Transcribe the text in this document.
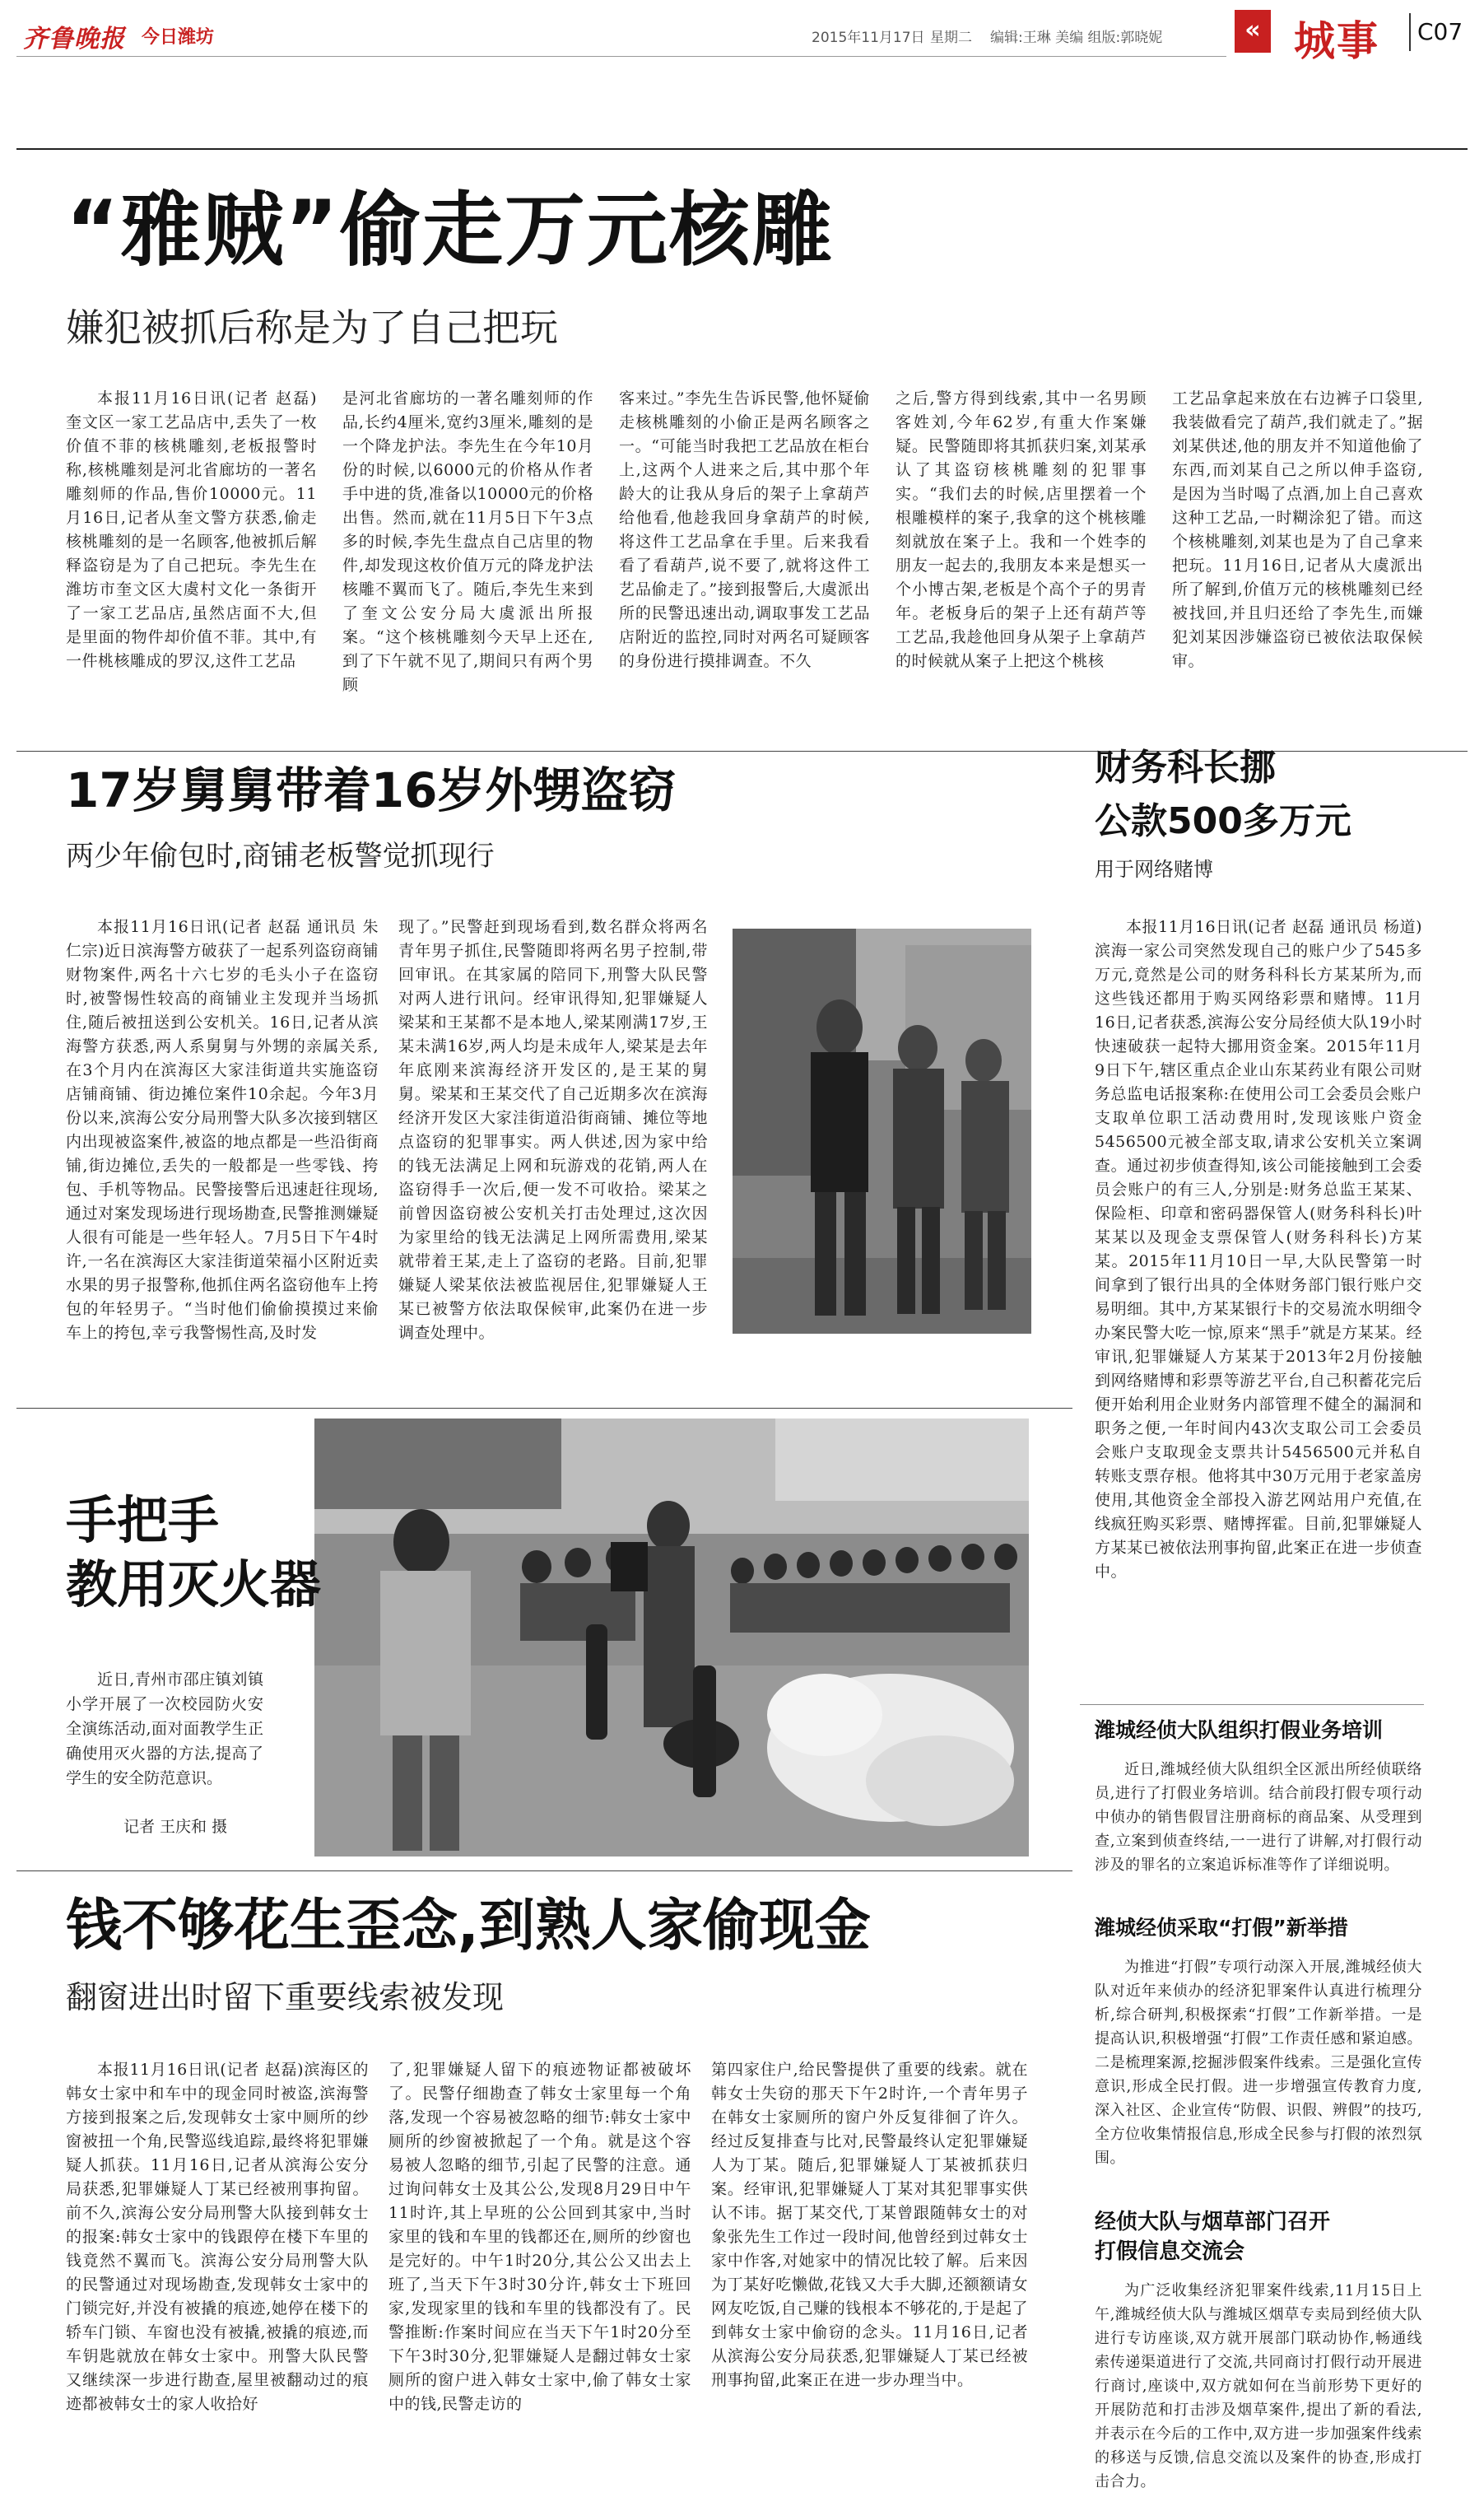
齐鲁晚报 今日潍坊	2015年11月17日 星期二 编辑:王琳 美编 组版:郭晓妮	« 城事 C07
“雅贼”偷走万元核雕
嫌犯被抓后称是为了自己把玩

本报11月16日讯(记者 赵磊)奎文区一家工艺品店中,丢失了一枚价值不菲的核桃雕刻,老板报警时称,核桃雕刻是河北省廊坊的一著名雕刻师的作品,售价10000元。11月16日,记者从奎文警方获悉,偷走核桃雕刻的是一名顾客,他被抓后解释盗窃是为了自己把玩。李先生在潍坊市奎文区大虞村文化一条街开了一家工艺品店,虽然店面不大,但是里面的物件却价值不菲。其中,有一件桃核雕成的罗汉,这件工艺品

是河北省廊坊的一著名雕刻师的作品,长约4厘米,宽约3厘米,雕刻的是一个降龙护法。李先生在今年10月份的时候,以6000元的价格从作者手中进的货,准备以10000元的价格出售。然而,就在11月5日下午3点多的时候,李先生盘点自己店里的物件,却发现这枚价值万元的降龙护法核雕不翼而飞了。随后,李先生来到了奎文公安分局大虞派出所报案。“这个核桃雕刻今天早上还在,到了下午就不见了,期间只有两个男顾

客来过。”李先生告诉民警,他怀疑偷走核桃雕刻的小偷正是两名顾客之一。“可能当时我把工艺品放在柜台上,这两个人进来之后,其中那个年龄大的让我从身后的架子上拿葫芦给他看,他趁我回身拿葫芦的时候,将这件工艺品拿在手里。后来我看看了看葫芦,说不要了,就将这件工艺品偷走了。”接到报警后,大虞派出所的民警迅速出动,调取事发工艺品店附近的监控,同时对两名可疑顾客的身份进行摸排调查。不久

之后,警方得到线索,其中一名男顾客姓刘,今年62岁,有重大作案嫌疑。民警随即将其抓获归案,刘某承认了其盗窃核桃雕刻的犯罪事实。“我们去的时候,店里摆着一个根雕模样的案子,我拿的这个桃核雕刻就放在案子上。我和一个姓李的朋友一起去的,我朋友本来是想买一个小博古架,老板是个高个子的男青年。老板身后的架子上还有葫芦等工艺品,我趁他回身从架子上拿葫芦的时候就从案子上把这个桃核

工艺品拿起来放在右边裤子口袋里,我装做看完了葫芦,我们就走了。”据刘某供述,他的朋友并不知道他偷了东西,而刘某自己之所以伸手盗窃,是因为当时喝了点酒,加上自己喜欢这种工艺品,一时糊涂犯了错。而这个核桃雕刻,刘某也是为了自己拿来把玩。11月16日,记者从大虞派出所了解到,价值万元的核桃雕刻已经被找回,并且归还给了李先生,而嫌犯刘某因涉嫌盗窃已被依法取保候审。

17岁舅舅带着16岁外甥盗窃
两少年偷包时,商铺老板警觉抓现行

本报11月16日讯(记者 赵磊 通讯员 朱仁宗)近日滨海警方破获了一起系列盗窃商铺财物案件,两名十六七岁的毛头小子在盗窃时,被警惕性较高的商铺业主发现并当场抓住,随后被扭送到公安机关。16日,记者从滨海警方获悉,两人系舅舅与外甥的亲属关系,在3个月内在滨海区大家洼街道共实施盗窃店铺商铺、街边摊位案件10余起。今年3月份以来,滨海公安分局刑警大队多次接到辖区内出现被盗案件,被盗的地点都是一些沿街商铺,街边摊位,丢失的一般都是一些零钱、挎包、手机等物品。民警接警后迅速赶往现场,通过对案发现场进行现场勘查,民警推测嫌疑人很有可能是一些年轻人。7月5日下午4时许,一名在滨海区大家洼街道荣福小区附近卖水果的男子报警称,他抓住两名盗窃他车上挎包的年轻男子。“当时他们偷偷摸摸过来偷车上的挎包,幸亏我警惕性高,及时发

现了。”民警赶到现场看到,数名群众将两名青年男子抓住,民警随即将两名男子控制,带回审讯。在其家属的陪同下,刑警大队民警对两人进行讯问。经审讯得知,犯罪嫌疑人梁某和王某都不是本地人,梁某刚满17岁,王某未满16岁,两人均是未成年人,梁某是去年年底刚来滨海经济开发区的,是王某的舅舅。梁某和王某交代了自己近期多次在滨海经济开发区大家洼街道沿街商铺、摊位等地点盗窃的犯罪事实。两人供述,因为家中给的钱无法满足上网和玩游戏的花销,两人在盗窃得手一次后,便一发不可收拾。梁某之前曾因盗窃被公安机关打击处理过,这次因为家里给的钱无法满足上网所需费用,梁某就带着王某,走上了盗窃的老路。目前,犯罪嫌疑人梁某依法被监视居住,犯罪嫌疑人王某已被警方依法取保候审,此案仍在进一步调查处理中。

财务科长挪
公款500多万元
用于网络赌博

本报11月16日讯(记者 赵磊 通讯员 杨道)滨海一家公司突然发现自己的账户少了545多万元,竟然是公司的财务科科长方某某所为,而这些钱还都用于购买网络彩票和赌博。11月16日,记者获悉,滨海公安分局经侦大队19小时快速破获一起特大挪用资金案。2015年11月9日下午,辖区重点企业山东某药业有限公司财务总监电话报案称:在使用公司工会委员会账户支取单位职工活动费用时,发现该账户资金5456500元被全部支取,请求公安机关立案调查。通过初步侦查得知,该公司能接触到工会委员会账户的有三人,分别是:财务总监王某某、保险柜、印章和密码器保管人(财务科科长)叶某某以及现金支票保管人(财务科科长)方某某。2015年11月10日一早,大队民警第一时间拿到了银行出具的全体财务部门银行账户交易明细。其中,方某某银行卡的交易流水明细令办案民警大吃一惊,原来“黑手”就是方某某。经审讯,犯罪嫌疑人方某某于2013年2月份接触到网络赌博和彩票等游艺平台,自己积蓄花完后便开始利用企业财务内部管理不健全的漏洞和职务之便,一年时间内43次支取公司工会委员会账户支取现金支票共计5456500元并私自转账支票存根。他将其中30万元用于老家盖房使用,其他资金全部投入游艺网站用户充值,在线疯狂购买彩票、赌博挥霍。目前,犯罪嫌疑人方某某已被依法刑事拘留,此案正在进一步侦查中。

手把手
教用灭火器
近日,青州市邵庄镇刘镇小学开展了一次校园防火安全演练活动,面对面教学生正确使用灭火器的方法,提高了学生的安全防范意识。
记者 王庆和 摄
钱不够花生歪念,到熟人家偷现金
翻窗进出时留下重要线索被发现

本报11月16日讯(记者 赵磊)滨海区的韩女士家中和车中的现金同时被盗,滨海警方接到报案之后,发现韩女士家中厕所的纱窗被扭一个角,民警巡线追踪,最终将犯罪嫌疑人抓获。11月16日,记者从滨海公安分局获悉,犯罪嫌疑人丁某已经被刑事拘留。前不久,滨海公安分局刑警大队接到韩女士的报案:韩女士家中的钱跟停在楼下车里的钱竟然不翼而飞。滨海公安分局刑警大队的民警通过对现场勘查,发现韩女士家中的门锁完好,并没有被撬的痕迹,她停在楼下的轿车门锁、车窗也没有被撬,被撬的痕迹,而车钥匙就放在韩女士家中。刑警大队民警又继续深一步进行勘查,屋里被翻动过的痕迹都被韩女士的家人收拾好

了,犯罪嫌疑人留下的痕迹物证都被破坏了。民警仔细勘查了韩女士家里每一个角落,发现一个容易被忽略的细节:韩女士家中厕所的纱窗被掀起了一个角。就是这个容易被人忽略的细节,引起了民警的注意。通过询问韩女士及其公公,发现8月29日中午11时许,其上早班的公公回到其家中,当时家里的钱和车里的钱都还在,厕所的纱窗也是完好的。中午1时20分,其公公又出去上班了,当天下午3时30分许,韩女士下班回家,发现家里的钱和车里的钱都没有了。民警推断:作案时间应在当天下午1时20分至下午3时30分,犯罪嫌疑人是翻过韩女士家厕所的窗户进入韩女士家中,偷了韩女士家中的钱,民警走访的

第四家住户,给民警提供了重要的线索。就在韩女士失窃的那天下午2时许,一个青年男子在韩女士家厕所的窗户外反复徘徊了许久。经过反复排查与比对,民警最终认定犯罪嫌疑人为丁某。随后,犯罪嫌疑人丁某被抓获归案。经审讯,犯罪嫌疑人丁某对其犯罪事实供认不讳。据丁某交代,丁某曾跟随韩女士的对象张先生工作过一段时间,他曾经到过韩女士家中作客,对她家中的情况比较了解。后来因为丁某好吃懒做,花钱又大手大脚,还额额请女网友吃饭,自己赚的钱根本不够花的,于是起了到韩女士家中偷窃的念头。11月16日,记者从滨海公安分局获悉,犯罪嫌疑人丁某已经被刑事拘留,此案正在进一步办理当中。

潍城经侦大队组织打假业务培训

近日,潍城经侦大队组织全区派出所经侦联络员,进行了打假业务培训。结合前段打假专项行动中侦办的销售假冒注册商标的商品案、从受理到查,立案到侦查终结,一一进行了讲解,对打假行动涉及的罪名的立案追诉标准等作了详细说明。

潍城经侦采取“打假”新举措

为推进“打假”专项行动深入开展,潍城经侦大队对近年来侦办的经济犯罪案件认真进行梳理分析,综合研判,积极探索“打假”工作新举措。一是提高认识,积极增强“打假”工作责任感和紧迫感。二是梳理案源,挖掘涉假案件线索。三是强化宣传意识,形成全民打假。进一步增强宣传教育力度,深入社区、企业宣传“防假、识假、辨假”的技巧,全方位收集情报信息,形成全民参与打假的浓烈氛围。

经侦大队与烟草部门召开
打假信息交流会

为广泛收集经济犯罪案件线索,11月15日上午,潍城经侦大队与潍城区烟草专卖局到经侦大队进行专访座谈,双方就开展部门联动协作,畅通线索传递渠道进行了交流,共同商讨打假行动开展进行商讨,座谈中,双方就如何在当前形势下更好的开展防范和打击涉及烟草案件,提出了新的看法,并表示在今后的工作中,双方进一步加强案件线索的移送与反馈,信息交流以及案件的协查,形成打击合力。
